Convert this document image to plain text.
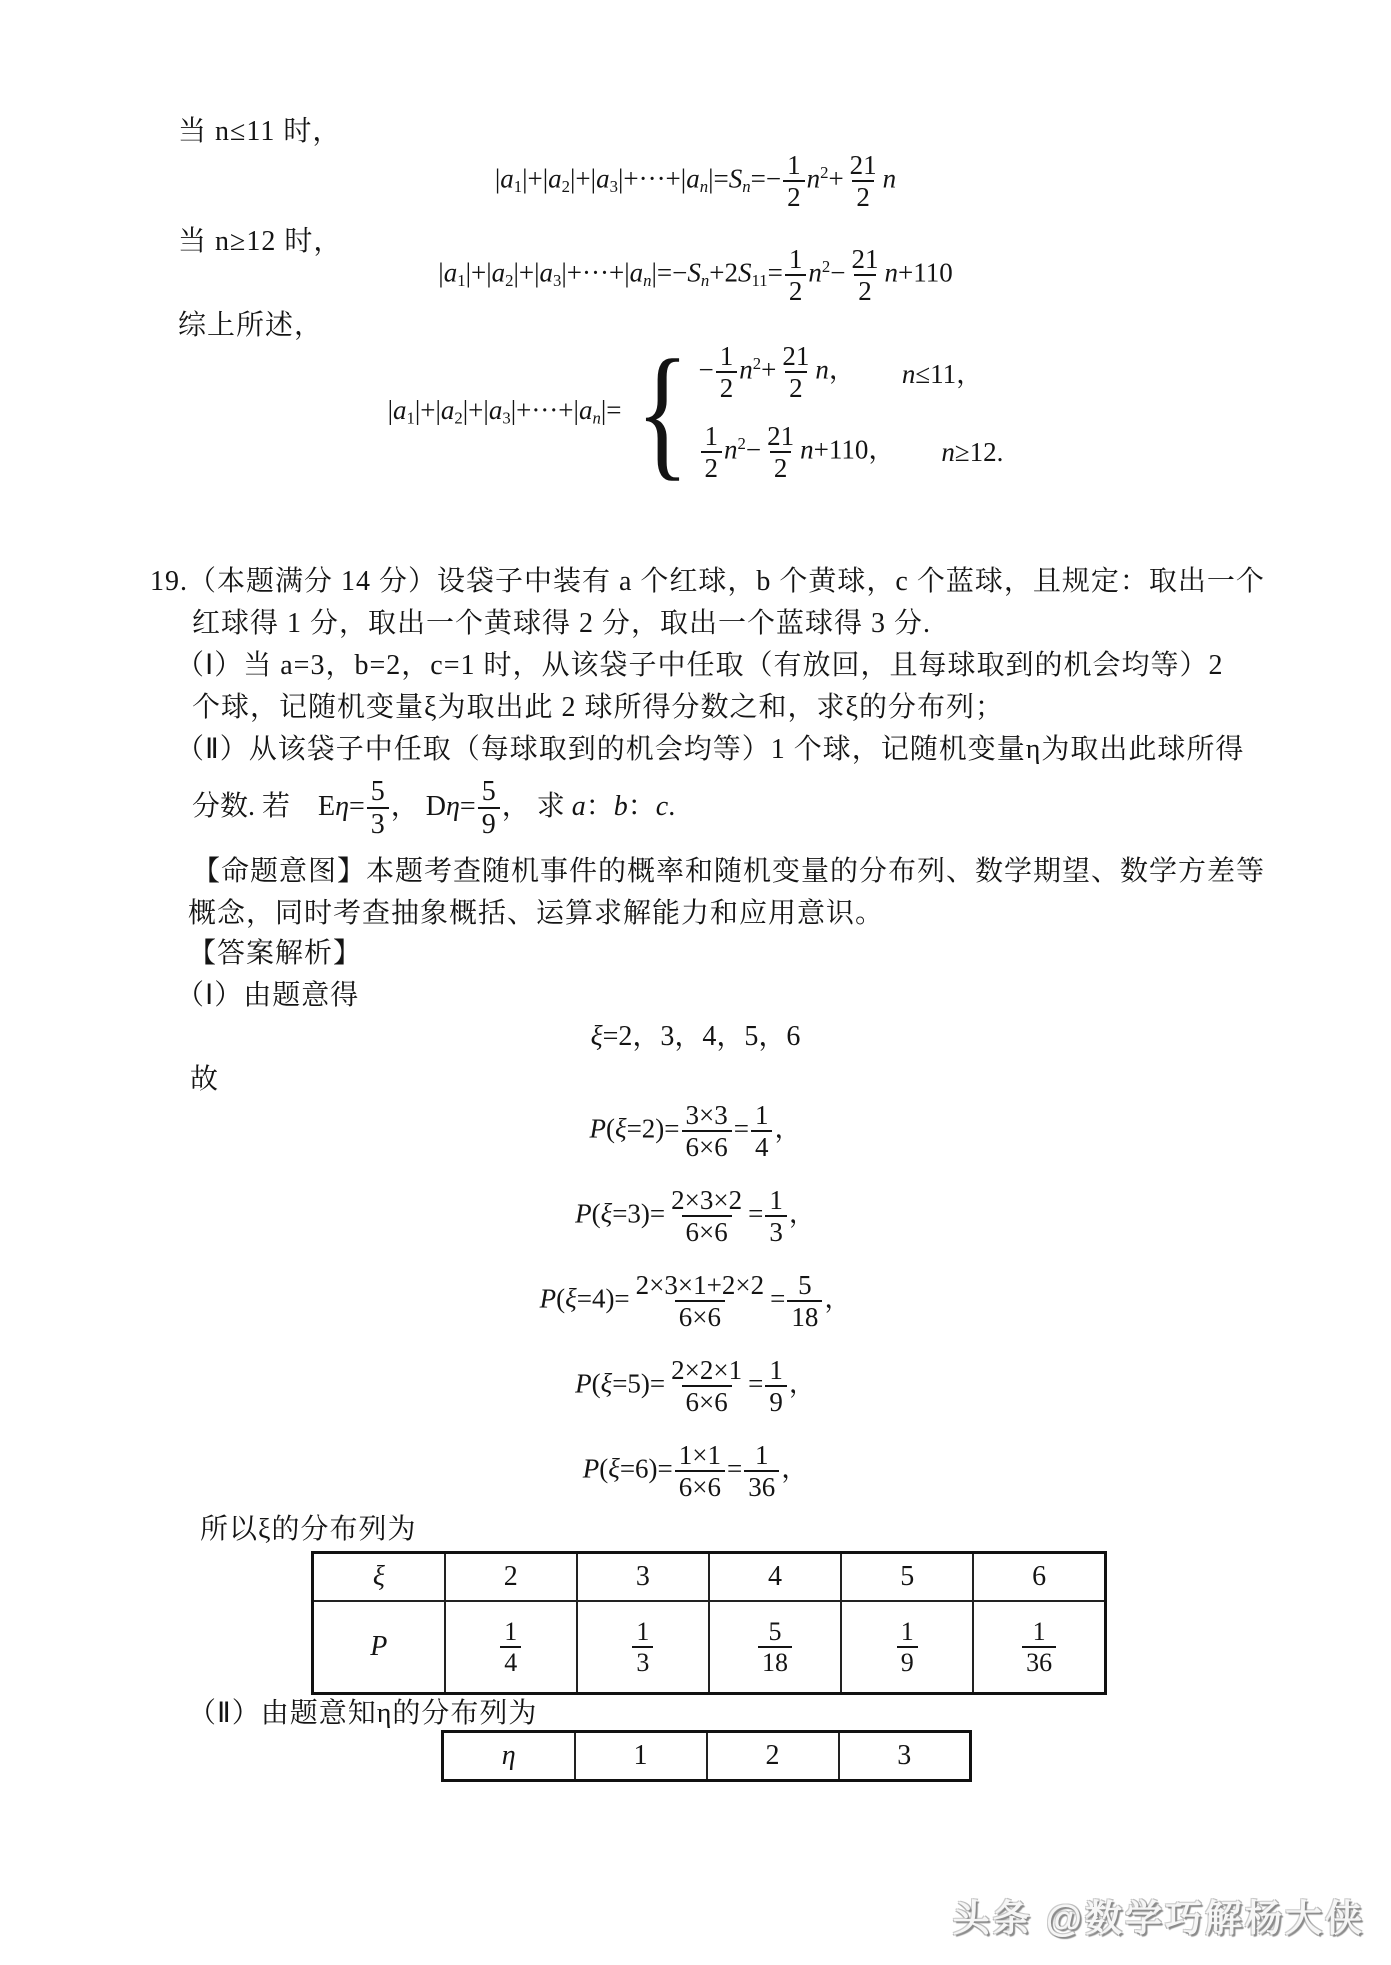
当 n≤11 时，

$|a1|+|a2|+|a3|+\cdot\cdot\cdot+|an|=Sn=- \frac{1}{2} n^2+ \frac{21}{2}$ n

当 n≥12 时，

$|a1|+|a2|+|a3|+\cdot\cdot\cdot+|an|=-Sn+2S11= \frac{1}{2} n^2- \frac{21}{2} n+110$

综上所述，

|a1|+|a2|+|a3|+···+|an|= { − $\frac{1}{2} n^2+ \frac{21}{2}$ n， n≤11，
$\frac{1}{2} n^2- \frac{21}{2} n+110$， n≥12.

19.（本题满分 14 分）设袋子中装有 a 个红球，b 个黄球，c 个蓝球，且规定：取出一个

红球得 1 分，取出一个黄球得 2 分，取出一个蓝球得 3 分.

（Ⅰ）当 a=3，b=2，c=1 时，从该袋子中任取（有放回，且每球取到的机会均等）2

个球，记随机变量ξ为取出此 2 球所得分数之和，求ξ的分布列；

（Ⅱ）从该袋子中任取（每球取到的机会均等）1 个球，记随机变量η为取出此球所得

分数. 若　$E\eta= \frac{5}{3}$ ， $D\eta= \frac{5}{9}$ ， 求 a：b：c.

【命题意图】本题考查随机事件的概率和随机变量的分布列、数学期望、数学方差等

概念，同时考查抽象概括、运算求解能力和应用意识。

【答案解析】

（Ⅰ）由题意得

ξ=2，3，4，5，6

故

$P(\xi=2)= \frac{3\times 3}{6\times 6} = \frac{1}{4}$ ，
$P(\xi=3)= \frac{2\times 3\times 2}{6\times 6} = \frac{1}{3}$ ，
$P(\xi=4)= \frac{2\times 3\times 1+2\times 2}{6\times 6} = \frac{5}{18}$ ，
$P(\xi=5)= \frac{2\times 2\times 1}{6\times 6} = \frac{1}{9}$ ，
$P(\xi=6)= \frac{1\times 1}{6\times 6} = \frac{1}{36}$ ，

所以ξ的分布列为

ξ	2	3	4	5	6
P	$\frac{1}{4}$	$\frac{1}{3}$	$\frac{5}{18}$	$\frac{1}{9}$	$\frac{1}{36}$

（Ⅱ）由题意知η的分布列为

η	1	2	3
头条 @数学巧解杨大侠
